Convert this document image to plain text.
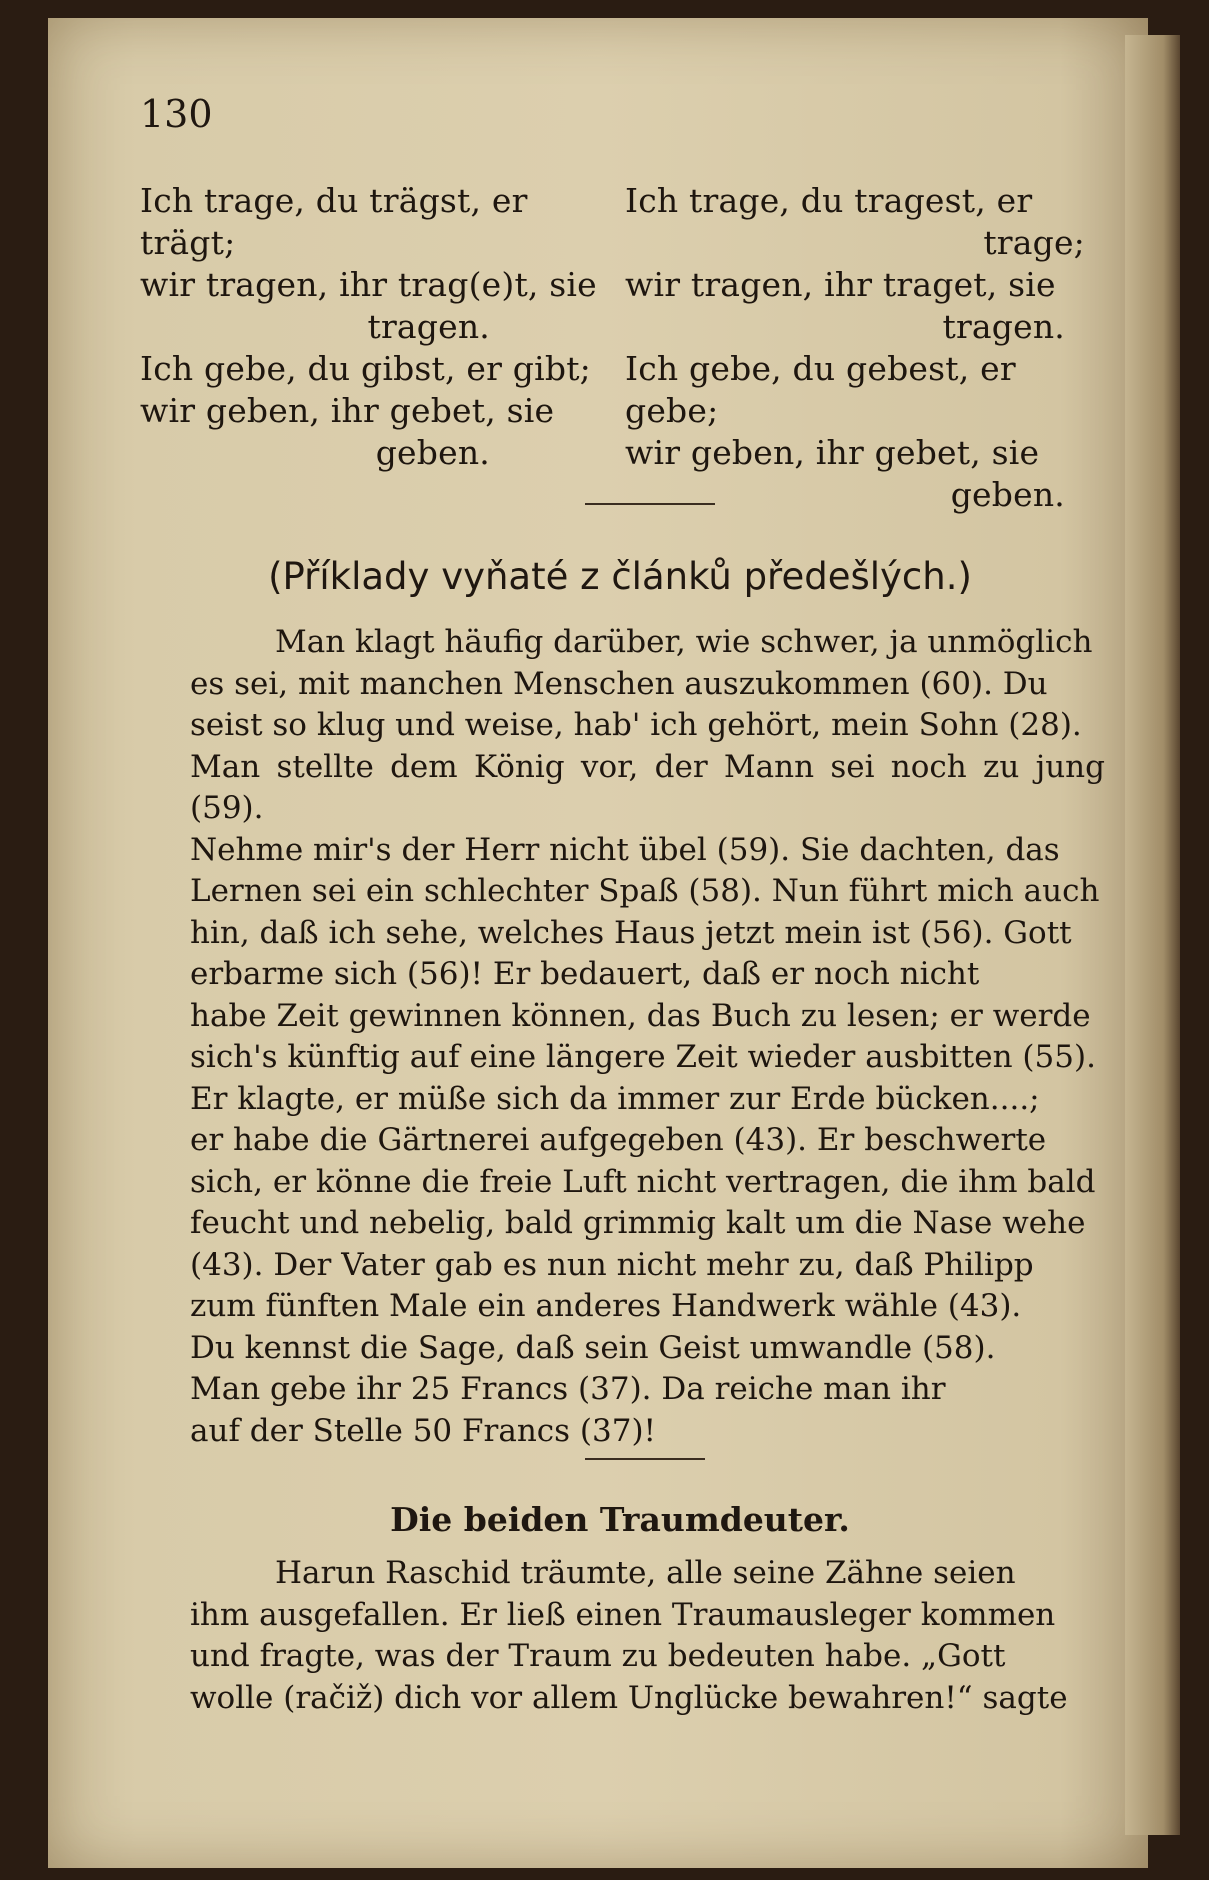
130

Ich trage, du trägst, er trägt;

wir tragen, ihr trag(e)t, sie

tragen.

Ich gebe, du gibst, er gibt;

wir geben, ihr gebet, sie

geben.

Ich trage, du tragest, er

trage;

wir tragen, ihr traget, sie

tragen.

Ich gebe, du gebest, er gebe;

wir geben, ihr gebet, sie

geben.

(Příklady vyňaté z článků předešlých.)

Man klagt häufig darüber, wie schwer, ja unmöglich

es sei, mit manchen Menschen auszukommen (60). Du

seist so klug und weise, hab' ich gehört, mein Sohn (28).

Man stellte dem König vor, der Mann sei noch zu jung (59).

Nehme mir's der Herr nicht übel (59). Sie dachten, das

Lernen sei ein schlechter Spaß (58). Nun führt mich auch

hin, daß ich sehe, welches Haus jetzt mein ist (56). Gott

erbarme sich (56)! Er bedauert, daß er noch nicht

habe Zeit gewinnen können, das Buch zu lesen; er werde

sich's künftig auf eine längere Zeit wieder ausbitten (55).

Er klagte, er müße sich da immer zur Erde bücken....;

er habe die Gärtnerei aufgegeben (43). Er beschwerte

sich, er könne die freie Luft nicht vertragen, die ihm bald

feucht und nebelig, bald grimmig kalt um die Nase wehe

(43). Der Vater gab es nun nicht mehr zu, daß Philipp

zum fünften Male ein anderes Handwerk wähle (43).

Du kennst die Sage, daß sein Geist umwandle (58).

Man gebe ihr 25 Francs (37). Da reiche man ihr

auf der Stelle 50 Francs (37)!

Die beiden Traumdeuter.

Harun Raschid träumte, alle seine Zähne seien

ihm ausgefallen. Er ließ einen Traumausleger kommen

und fragte, was der Traum zu bedeuten habe. „Gott

wolle (račiž) dich vor allem Unglücke bewahren!“ sagte
